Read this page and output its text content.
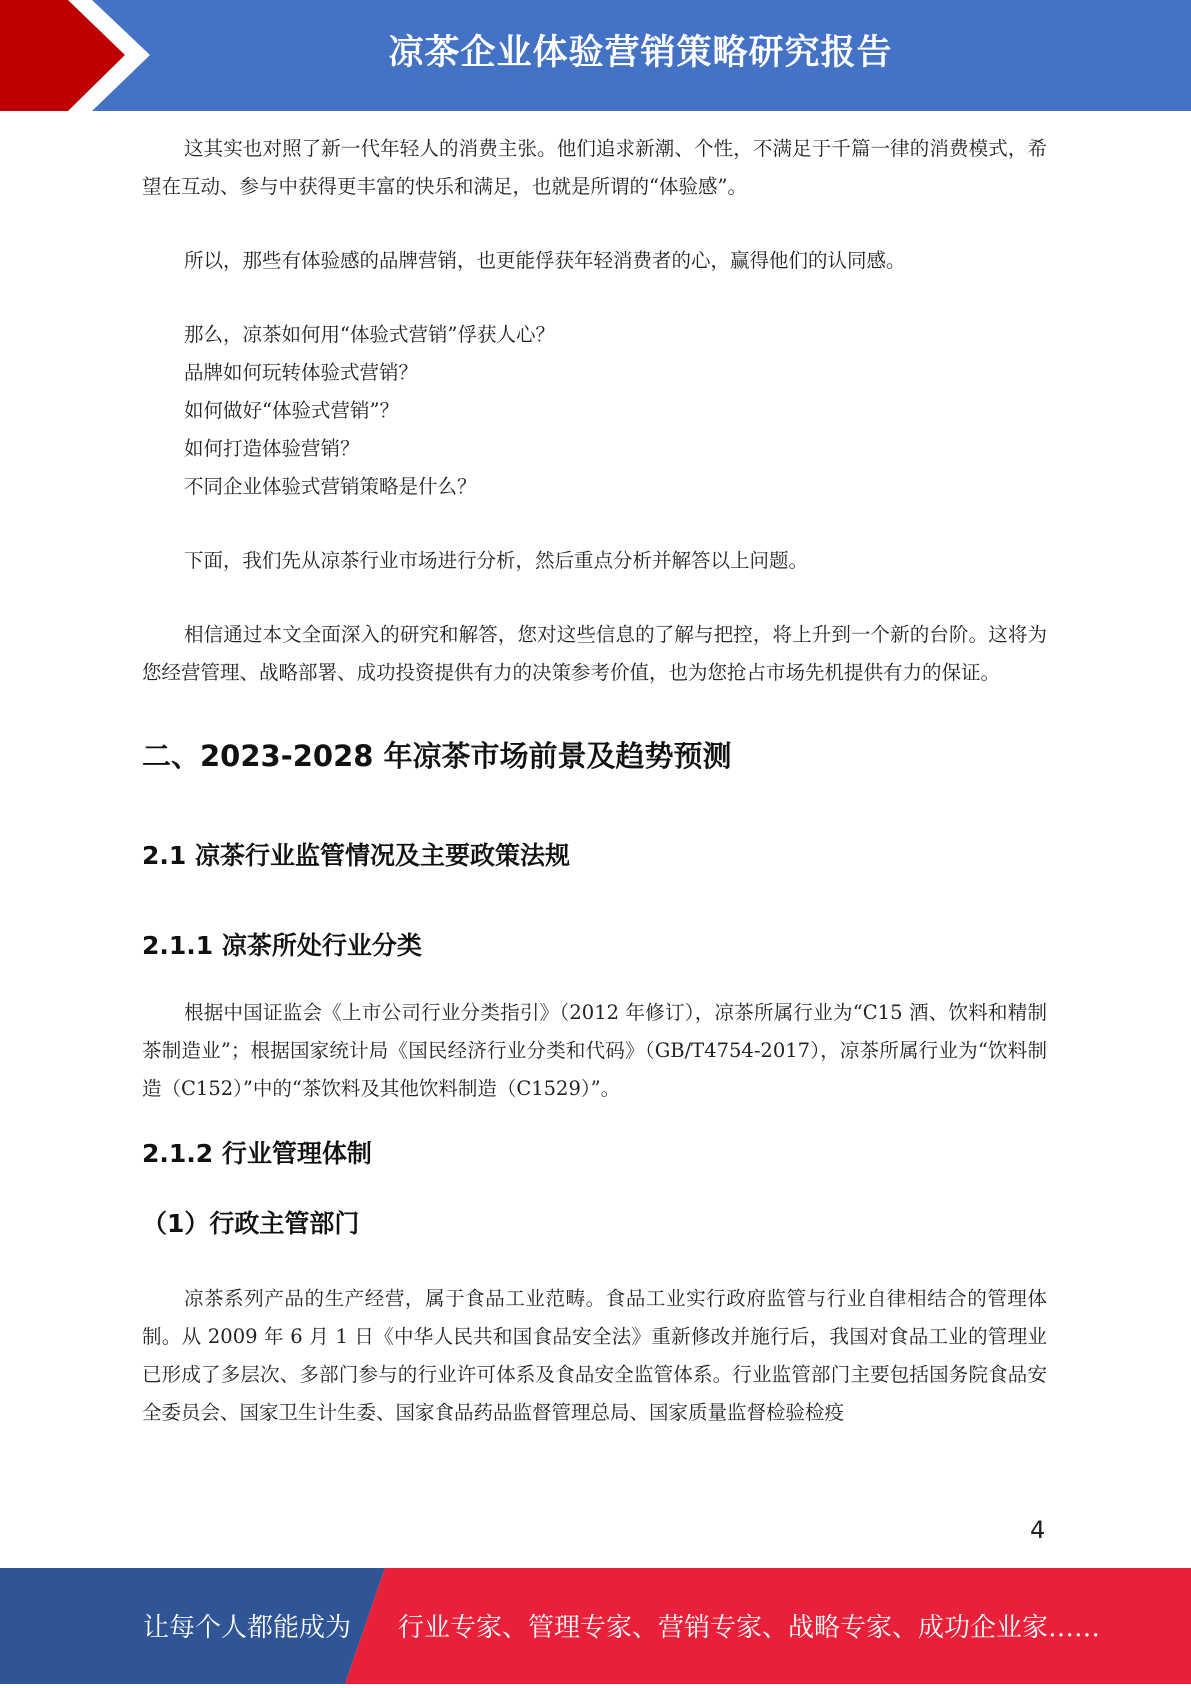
凉茶企业体验营销策略研究报告

这其实也对照了新一代年轻人的消费主张。他们追求新潮、个性，不满足于千篇一律的消费模式，希望在互动、参与中获得更丰富的快乐和满足，也就是所谓的“体验感”。

所以，那些有体验感的品牌营销，也更能俘获年轻消费者的心，赢得他们的认同感。

那么，凉茶如何用“体验式营销”俘获人心？

品牌如何玩转体验式营销？

如何做好“体验式营销”？

如何打造体验营销？

不同企业体验式营销策略是什么？

下面，我们先从凉茶行业市场进行分析，然后重点分析并解答以上问题。

相信通过本文全面深入的研究和解答，您对这些信息的了解与把控，将上升到一个新的台阶。这将为您经营管理、战略部署、成功投资提供有力的决策参考价值，也为您抢占市场先机提供有力的保证。

二、2023-2028 年凉茶市场前景及趋势预测
2.1 凉茶行业监管情况及主要政策法规
2.1.1 凉茶所处行业分类

根据中国证监会《上市公司行业分类指引》（2012 年修订），凉茶所属行业为“C15 酒、饮料和精制茶制造业”；根据国家统计局《国民经济行业分类和代码》（GB/T4754-2017），凉茶所属行业为“饮料制造（C152）”中的“茶饮料及其他饮料制造（C1529）”。

2.1.2 行业管理体制
（1）行政主管部门

凉茶系列产品的生产经营，属于食品工业范畴。食品工业实行政府监管与行业自律相结合的管理体制。从 2009 年 6 月 1 日《中华人民共和国食品安全法》重新修改并施行后，我国对食品工业的管理业已形成了多层次、多部门参与的行业许可体系及食品安全监管体系。行业监管部门主要包括国务院食品安全委员会、国家卫生计生委、国家食品药品监督管理总局、国家质量监督检验检疫

4
让每个人都能成为 行业专家、管理专家、营销专家、战略专家、成功企业家……
